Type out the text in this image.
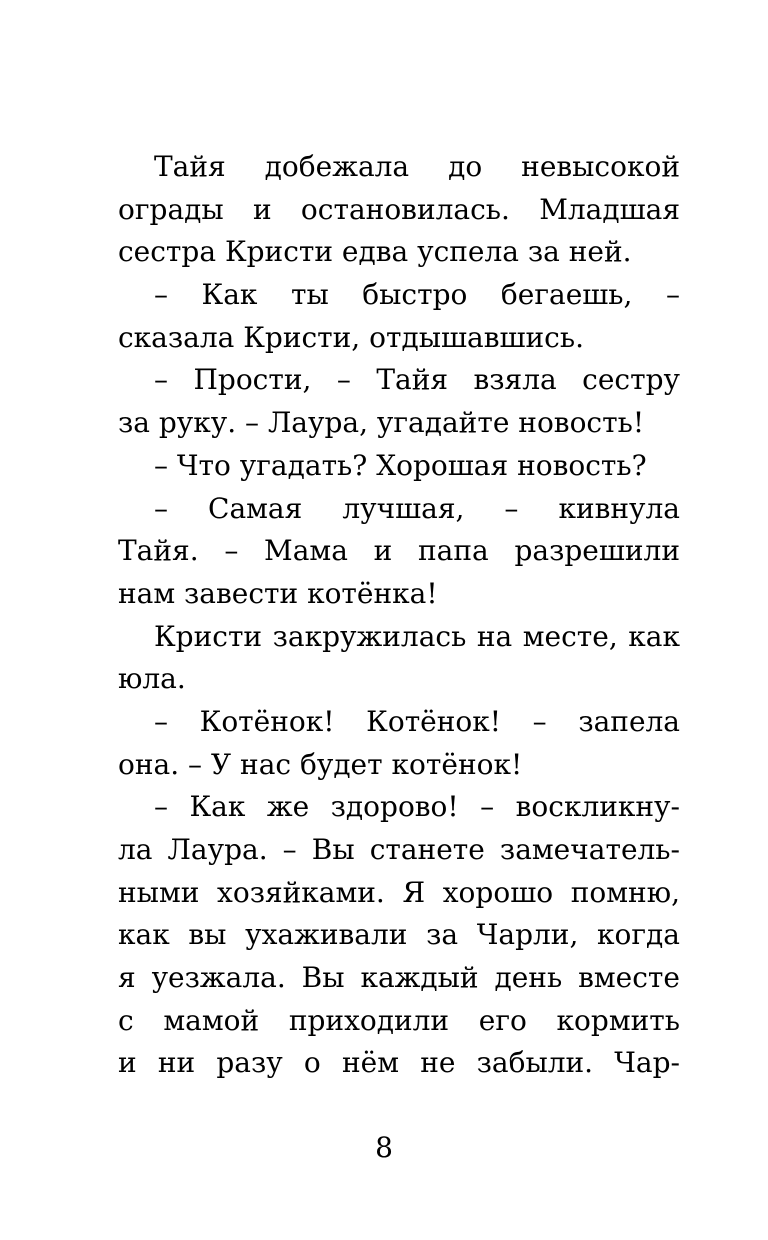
Тайя добежала до невысокой
ограды и остановилась. Младшая
сестра Кристи едва успела за ней.
– Как ты быстро бегаешь, –
сказала Кристи, отдышавшись.
– Прости, – Тайя взяла сестру
за руку. – Лаура, угадайте новость!
– Что угадать? Хорошая новость?
– Самая лучшая, – кивнула
Тайя. – Мама и папа разрешили
нам завести котёнка!
Кристи закружилась на месте, как
юла.
– Котёнок! Котёнок! – запела
она. – У нас будет котёнок!
– Как же здорово! – воскликну-
ла Лаура. – Вы станете замечатель-
ными хозяйками. Я хорошо помню,
как вы ухаживали за Чарли, когда
я уезжала. Вы каждый день вместе
с мамой приходили его кормить
и ни разу о нём не забыли. Чар-
8
